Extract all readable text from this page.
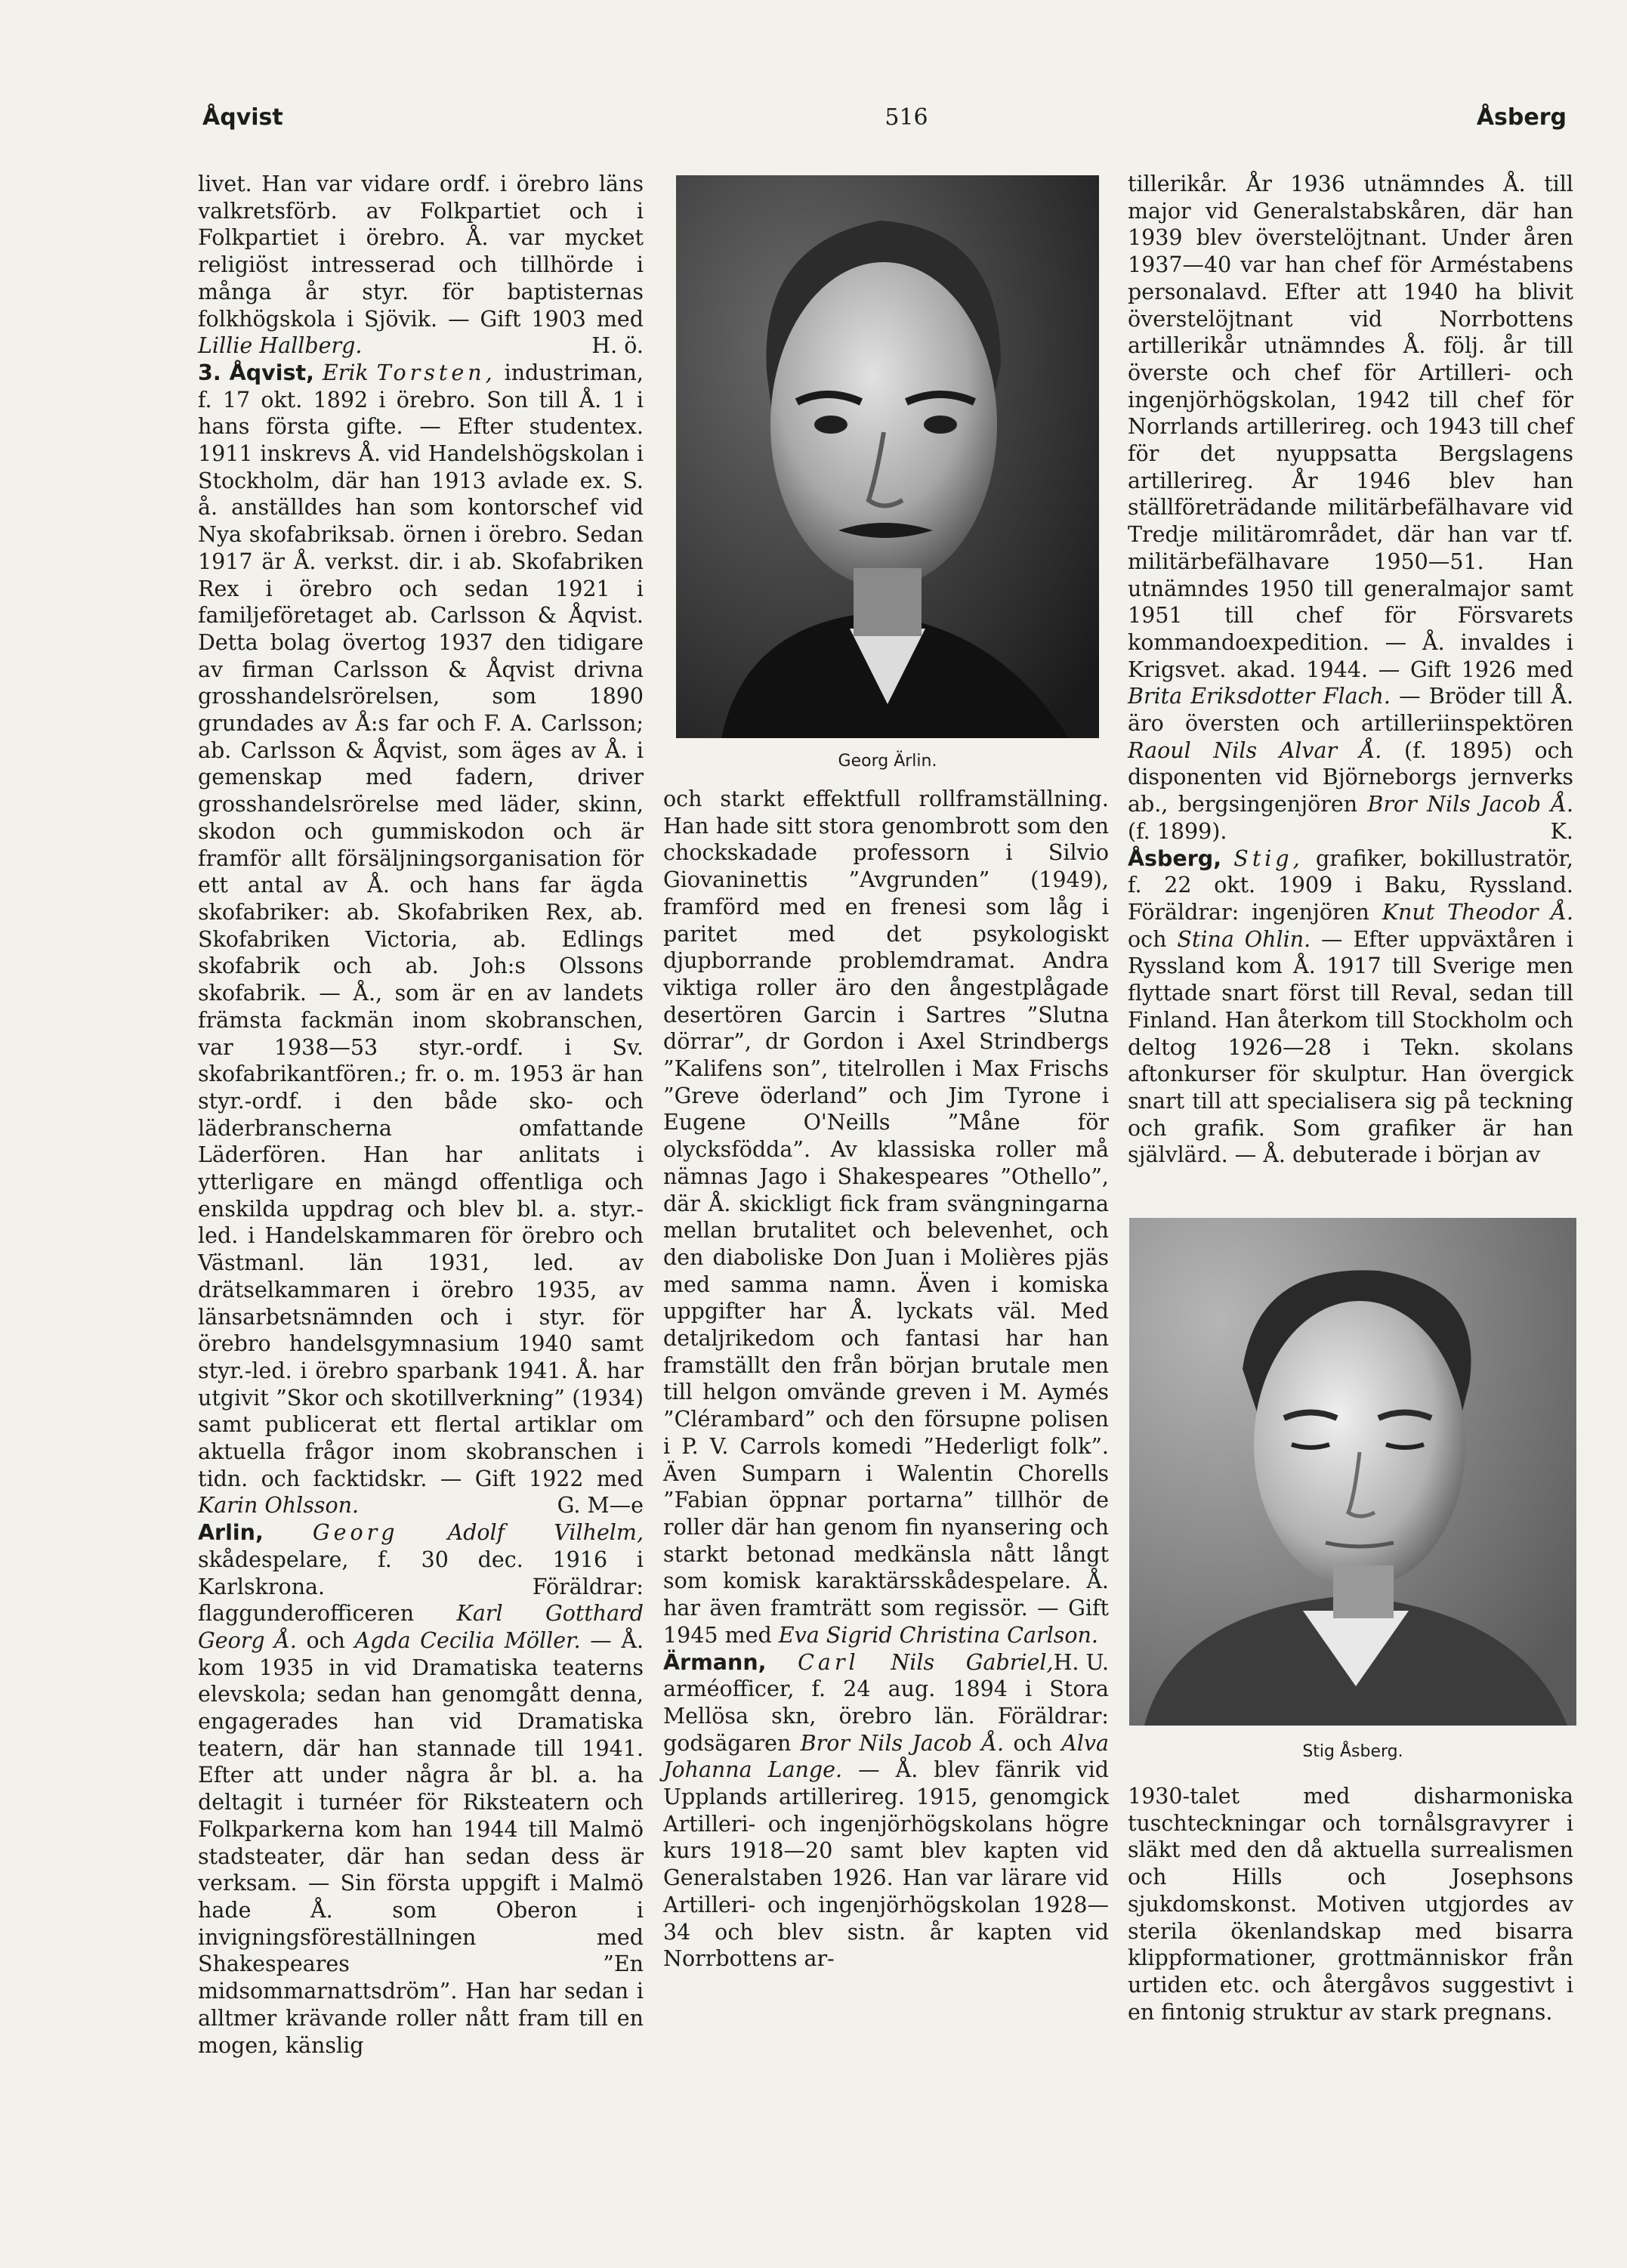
Åqvist	516	Åsberg

livet. Han var vidare ordf. i örebro läns valkretsförb. av Folkpartiet och i Folkpartiet i örebro. Å. var mycket religiöst intresserad och tillhörde i många år styr. för baptisternas folkhögskola i Sjövik. — Gift 1903 med Lillie Hallberg.	H. ö.

3. Åqvist, Erik Torsten, industriman, f. 17 okt. 1892 i örebro. Son till Å. 1 i hans första gifte. — Efter studentex. 1911 inskrevs Å. vid Handelshögskolan i Stockholm, där han 1913 avlade ex. S. å. anställdes han som kontorschef vid Nya skofabriksab. örnen i örebro. Sedan 1917 är Å. verkst. dir. i ab. Skofabriken Rex i örebro och sedan 1921 i familjeföretaget ab. Carlsson & Åqvist. Detta bolag övertog 1937 den tidigare av firman Carlsson & Åqvist drivna grosshandelsrörelsen, som 1890 grundades av Å:s far och F. A. Carlsson; ab. Carlsson & Åqvist, som äges av Å. i gemenskap med fadern, driver grosshandelsrörelse med läder, skinn, skodon och gummiskodon och är framför allt försäljningsorganisation för ett antal av Å. och hans far ägda skofabriker: ab. Skofabriken Rex, ab. Skofabriken Victoria, ab. Edlings skofabrik och ab. Joh:s Olssons skofabrik. — Å., som är en av landets främsta fackmän inom skobranschen, var 1938—53 styr.-ordf. i Sv. skofabrikantfören.; fr. o. m. 1953 är han styr.-ordf. i den både sko- och läderbranscherna omfattande Läderfören. Han har anlitats i ytterligare en mängd offentliga och enskilda uppdrag och blev bl. a. styr.-led. i Handelskammaren för örebro och Västmanl. län 1931, led. av drätselkammaren i örebro 1935, av länsarbetsnämnden och i styr. för örebro handelsgymnasium 1940 samt styr.-led. i örebro sparbank 1941. Å. har utgivit ”Skor och skotillverkning” (1934) samt publicerat ett flertal artiklar om aktuella frågor inom skobranschen i tidn. och facktidskr. — Gift 1922 med Karin Ohlsson.	G. M—e

Arlin, Georg Adolf Vilhelm, skådespelare, f. 30 dec. 1916 i Karlskrona. Föräldrar: flaggunderofficeren Karl Gotthard Georg Å. och Agda Cecilia Möller. — Å. kom 1935 in vid Dramatiska teaterns elevskola; sedan han genomgått denna, engagerades han vid Dramatiska teatern, där han stannade till 1941. Efter att under några år bl. a. ha deltagit i turnéer för Riksteatern och Folkparkerna kom han 1944 till Malmö stadsteater, där han sedan dess är verksam. — Sin första uppgift i Malmö hade Å. som Oberon i invigningsföreställningen med Shakespeares ”En midsommarnattsdröm”. Han har sedan i alltmer krävande roller nått fram till en mogen, känslig

Georg Ärlin.

och starkt effektfull rollframställning. Han hade sitt stora genombrott som den chockskadade professorn i Silvio Giovaninettis ”Avgrunden” (1949), framförd med en frenesi som låg i paritet med det psykologiskt djupborrande problemdramat. Andra viktiga roller äro den ångestplågade desertören Garcin i Sartres ”Slutna dörrar”, dr Gordon i Axel Strindbergs ”Kalifens son”, titelrollen i Max Frischs ”Greve öderland” och Jim Tyrone i Eugene O'Neills ”Måne för olycksfödda”. Av klassiska roller må nämnas Jago i Shakespeares ”Othello”, där Å. skickligt fick fram svängningarna mellan brutalitet och belevenhet, och den diaboliske Don Juan i Molières pjäs med samma namn. Även i komiska uppgifter har Å. lyckats väl. Med detaljrikedom och fantasi har han framställt den från början brutale men till helgon omvände greven i M. Aymés ”Clérambard” och den försupne polisen i P. V. Carrols komedi ”Hederligt folk”. Även Sumparn i Walentin Chorells ”Fabian öppnar portarna” tillhör de roller där han genom fin nyansering och starkt betonad medkänsla nått långt som komisk karaktärsskådespelare. Å. har även framträtt som regissör. — Gift 1945 med Eva Sigrid Christina Carlson.
H. U.

Ärmann, Carl Nils Gabriel, arméofficer, f. 24 aug. 1894 i Stora Mellösa skn, örebro län. Föräldrar: godsägaren Bror Nils Jacob Å. och Alva Johanna Lange. — Å. blev fänrik vid Upplands artillerireg. 1915, genomgick Artilleri- och ingenjörhögskolans högre kurs 1918—20 samt blev kapten vid Generalstaben 1926. Han var lärare vid Artilleri- och ingenjörhögskolan 1928—34 och blev sistn. år kapten vid Norrbottens ar-

tillerikår. År 1936 utnämndes Å. till major vid Generalstabskåren, där han 1939 blev överstelöjtnant. Under åren 1937—40 var han chef för Arméstabens personalavd. Efter att 1940 ha blivit överstelöjtnant vid Norrbottens artillerikår utnämndes Å. följ. år till överste och chef för Artilleri- och ingenjörhögskolan, 1942 till chef för Norrlands artillerireg. och 1943 till chef för det nyuppsatta Bergslagens artillerireg. År 1946 blev han ställföreträdande militärbefälhavare vid Tredje militärområdet, där han var tf. militärbefälhavare 1950—51. Han utnämndes 1950 till generalmajor samt 1951 till chef för Försvarets kommandoexpedition. — Å. invaldes i Krigsvet. akad. 1944. — Gift 1926 med Brita Eriksdotter Flach. — Bröder till Å. äro översten och artilleriinspektören Raoul Nils Alvar Å. (f. 1895) och disponenten vid Björneborgs jernverks ab., bergsingenjören Bror Nils Jacob Å. (f. 1899).	K.

Åsberg, Stig, grafiker, bokillustratör, f. 22 okt. 1909 i Baku, Ryssland. Föräldrar: ingenjören Knut Theodor Å. och Stina Ohlin. — Efter uppväxtåren i Ryssland kom Å. 1917 till Sverige men flyttade snart först till Reval, sedan till Finland. Han återkom till Stockholm och deltog 1926—28 i Tekn. skolans aftonkurser för skulptur. Han övergick snart till att specialisera sig på teckning och grafik. Som grafiker är han självlärd. — Å. debuterade i början av

Stig Åsberg.

1930-talet med disharmoniska tuschteckningar och tornålsgravyrer i släkt med den då aktuella surrealismen och Hills och Josephsons sjukdomskonst. Motiven utgjordes av sterila ökenlandskap med bisarra klippformationer, grottmänniskor från urtiden etc. och återgåvos suggestivt i en fintonig struktur av stark pregnans.
